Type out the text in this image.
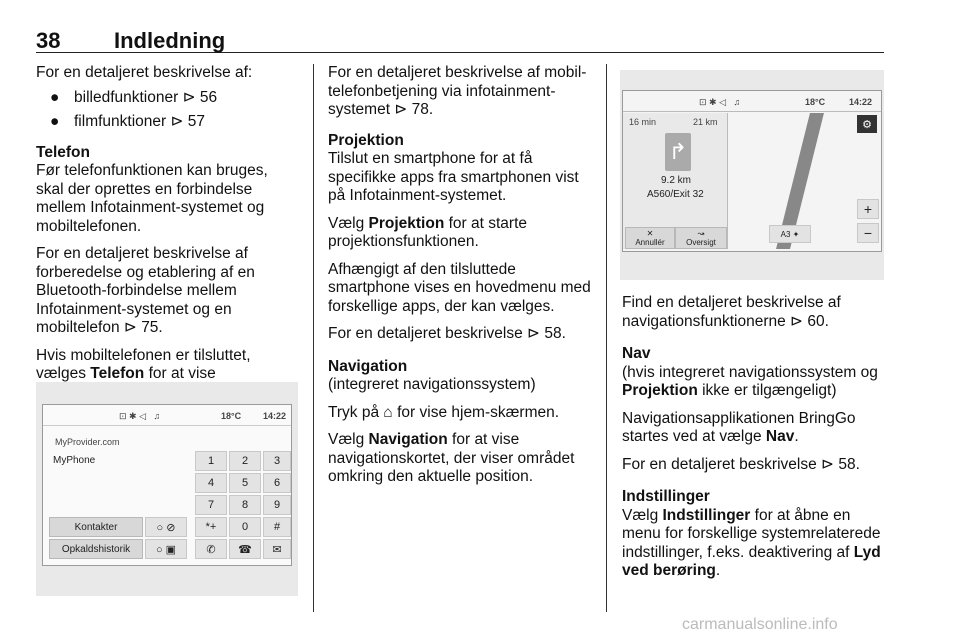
38 Indledning

For en detaljeret beskrivelse af:

● billedfunktioner ⊳ 56
● filmfunktioner ⊳ 57
Telefon

Før telefonfunktionen kan bruges, skal der oprettes en forbindelse mellem Infotainment-systemet og mobiltelefonen.

For en detaljeret beskrivelse af forberedelse og etablering af en Bluetooth-forbindelse mellem Infotainment-systemet og en mobiltelefon ⊳ 75.

Hvis mobiltelefonen er tilsluttet, vælges Telefon for at vise

⊡ ✱ ◁   ♫	18°C 14:22
MyProvider.com
MyPhone	1	2	3
4	5	6
7	8	9
*+	0	#
✆	☎	✉
Kontakter
Opkaldshistorik
○ ⊘
○ ▣

For en detaljeret beskrivelse af mobil-telefonbetjening via infotainment-systemet ⊳ 78.

Projektion

Tilslut en smartphone for at få specifikke apps fra smartphonen vist på Infotainment-systemet.

Vælg Projektion for at starte projektionsfunktionen.

Afhængigt af den tilsluttede smartphone vises en hovedmenu med forskellige apps, der kan vælges.

For en detaljeret beskrivelse ⊳ 58.

Navigation

(integreret navigationssystem)

Tryk på ⌂ for vise hjem-skærmen.

Vælg Navigation for at vise navigationskortet, der viser området omkring den aktuelle position.

⊡ ✱ ◁   ♫	18°C	14:22
16 min	21 km
↱
9.2 km
A560/Exit 32
✕
Annullér
↝
Oversigt
⚙
+
−
A3 ✦

Find en detaljeret beskrivelse af navigationsfunktionerne ⊳ 60.

Nav

(hvis integreret navigationssystem og Projektion ikke er tilgængeligt)

Navigationsapplikationen BringGo startes ved at vælge Nav.

For en detaljeret beskrivelse ⊳ 58.

Indstillinger

Vælg Indstillinger for at åbne en menu for forskellige systemrelaterede indstillinger, f.eks. deaktivering af Lyd ved berøring.

carmanualsonline.info
